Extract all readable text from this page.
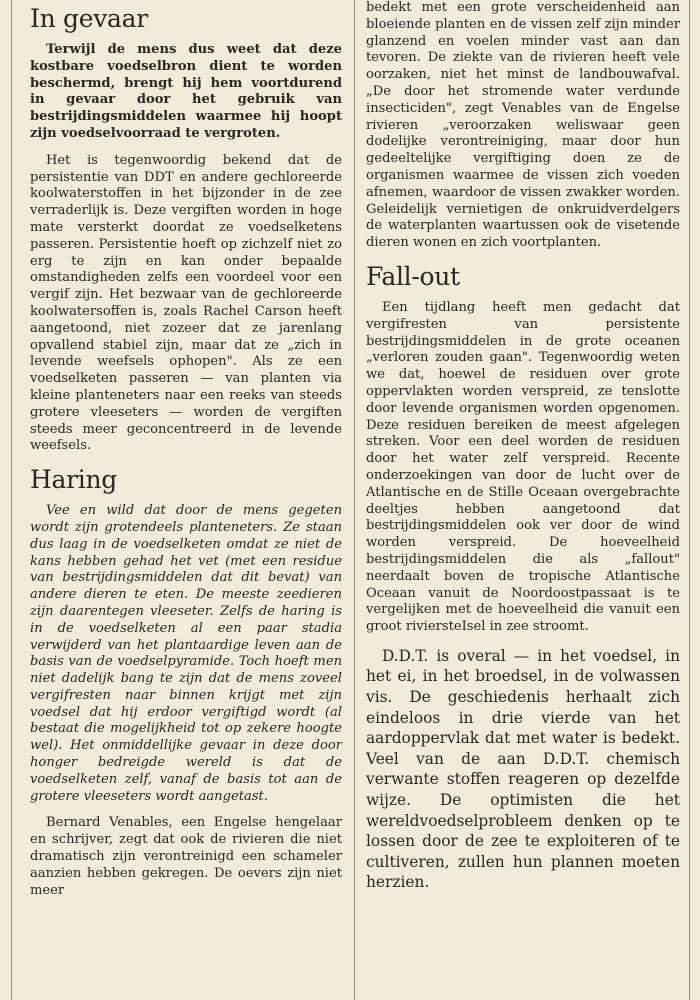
In gevaar

Terwijl de mens dus weet dat deze kostbare voedselbron dient te worden beschermd, brengt hij hem voortdurend in gevaar door het gebruik van bestrijdingsmiddelen waarmee hij hoopt zijn voedselvoorraad te vergroten.

Het is tegenwoordig bekend dat de persistentie van DDT en andere gechloreerde koolwaterstoffen in het bijzonder in de zee verraderlijk is. Deze vergiften worden in hoge mate versterkt doordat ze voedselketens passeren. Persistentie hoeft op zichzelf niet zo erg te zijn en kan onder bepaalde omstandigheden zelfs een voordeel voor een vergif zijn. Het bezwaar van de gechloreerde koolwatersoffen is, zoals Rachel Carson heeft aangetoond, niet zozeer dat ze jarenlang opvallend stabiel zijn, maar dat ze „zich in levende weefsels ophopen". Als ze een voedselketen passeren — van planten via kleine planteneters naar een reeks van steeds grotere vleeseters — worden de vergiften steeds meer geconcentreerd in de levende weefsels.

Haring

Vee en wild dat door de mens gegeten wordt zijn grotendeels planteneters. Ze staan dus laag in de voedselketen omdat ze niet de kans hebben gehad het vet (met een residue van bestrijdingsmiddelen dat dit bevat) van andere dieren te eten. De meeste zeedieren zijn daarentegen vleeseter. Zelfs de haring is in de voedselketen al een paar stadia verwijderd van het plantaardige leven aan de basis van de voedselpyramide. Toch hoeft men niet dadelijk bang te zijn dat de mens zoveel vergifresten naar binnen krijgt met zijn voedsel dat hij erdoor vergiftigd wordt (al bestaat die mogelijkheid tot op zekere hoogte wel). Het onmiddellijke gevaar in deze door honger bedreigde wereld is dat de voedselketen zelf, vanaf de basis tot aan de grotere vleeseters wordt aangetast.

Bernard Venables, een Engelse hengelaar en schrijver, zegt dat ook de rivieren die niet dramatisch zijn verontreinigd een schameler aanzien hebben gekregen. De oevers zijn niet meer

bedekt met een grote verscheidenheid aan bloeiende planten en de vissen zelf zijn minder glanzend en voelen minder vast aan dan tevoren. De ziekte van de rivieren heeft vele oorzaken, niet het minst de landbouwafval. „De door het stromende water verdunde insecticiden", zegt Venables van de Engelse rivieren „veroorzaken weliswaar geen dodelijke verontreiniging, maar door hun gedeeltelijke vergiftiging doen ze de organismen waarmee de vissen zich voeden afnemen, waardoor de vissen zwakker worden. Geleidelijk vernietigen de onkruidverdelgers de waterplanten waartussen ook de visetende dieren wonen en zich voortplanten.

Fall-out

Een tijdlang heeft men gedacht dat vergifresten van persistente bestrijdingsmiddelen in de grote oceanen „verloren zouden gaan". Tegenwoordig weten we dat, hoewel de residuen over grote oppervlakten worden verspreid, ze tenslotte door levende organismen worden opgenomen. Deze residuen bereiken de meest afgelegen streken. Voor een deel worden de residuen door het water zelf verspreid. Recente onderzoekingen van door de lucht over de Atlantische en de Stille Oceaan overgebrachte deeltjes hebben aangetoond dat bestrijdingsmiddelen ook ver door de wind worden verspreid. De hoeveelheid bestrijdingsmiddelen die als „fallout" neerdaalt boven de tropische Atlantische Oceaan vanuit de Noordoostpassaat is te vergelijken met de hoeveelheid die vanuit een groot riviersteIsel in zee stroomt.

D.D.T. is overal — in het voedsel, in het ei, in het broedsel, in de volwassen vis. De geschiedenis herhaalt zich eindeloos in drie vierde van het aardoppervlak dat met water is bedekt. Veel van de aan D.D.T. chemisch verwante stoffen reageren op dezelfde wijze. De optimisten die het wereldvoedselprobleem denken op te lossen door de zee te exploiteren of te cultiveren, zullen hun plannen moeten herzien.
